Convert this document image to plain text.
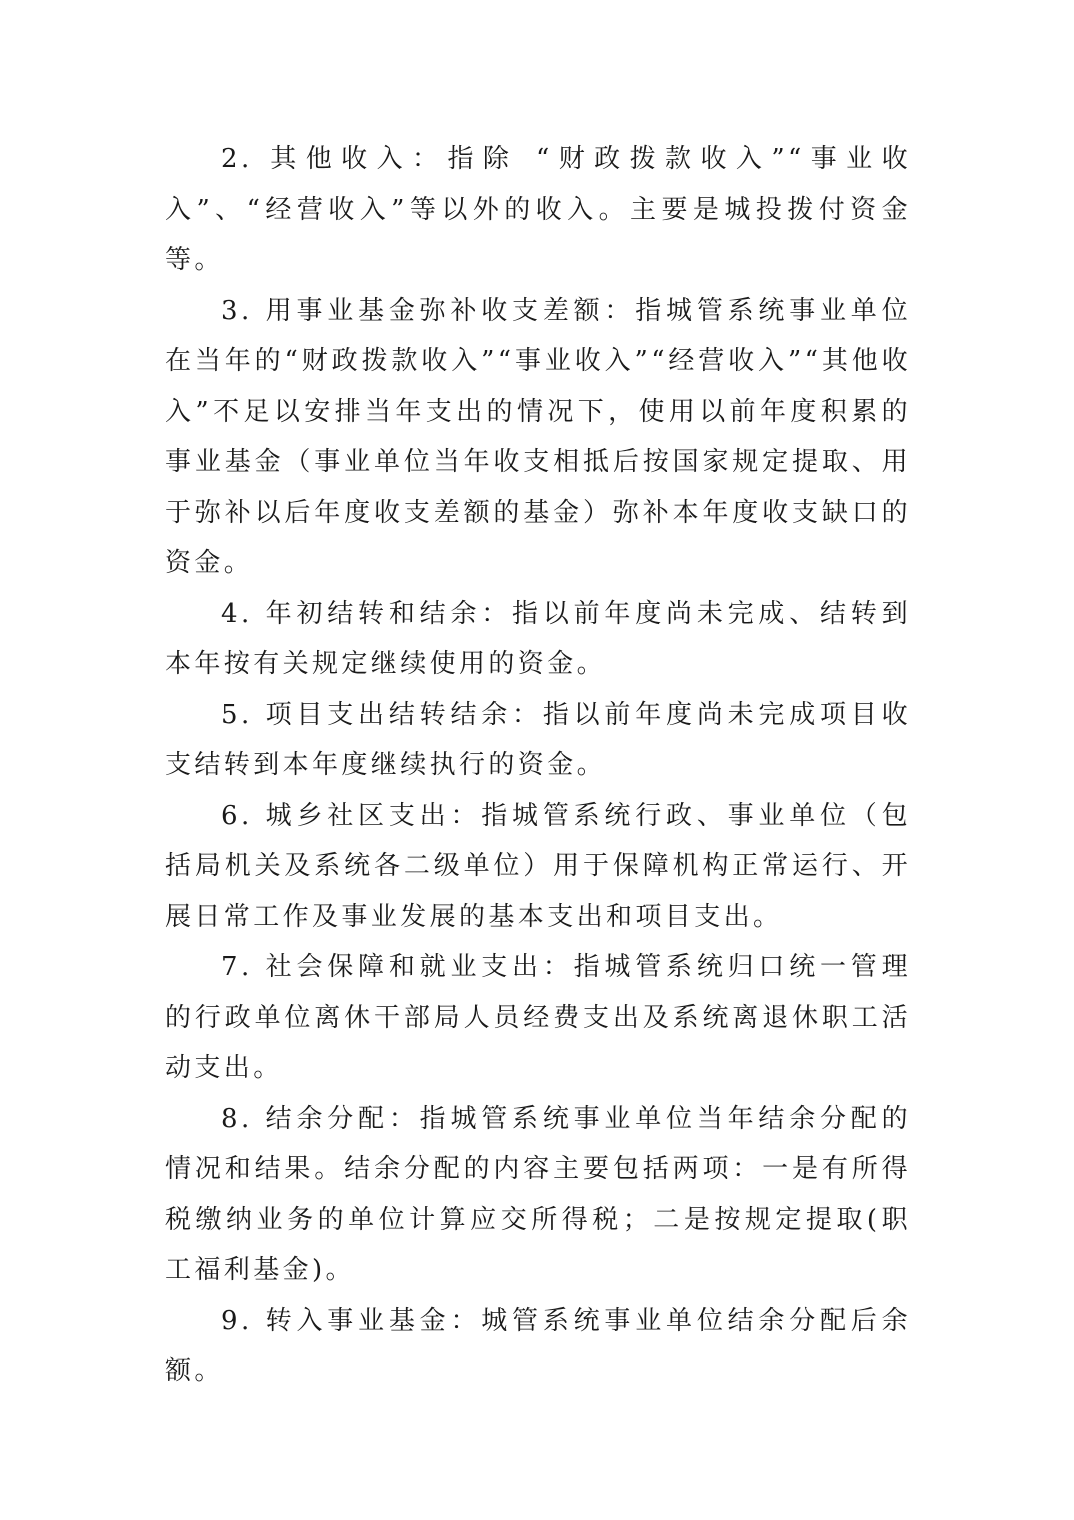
2. 其他收入：指除 “财政拨款收入”“事业收入”、“经营收入”等以外的收入。主要是城投拨付资金等。

3. 用事业基金弥补收支差额：指城管系统事业单位在当年的“财政拨款收入”“事业收入”“经营收入”“其他收入”不足以安排当年支出的情况下，使用以前年度积累的事业基金（事业单位当年收支相抵后按国家规定提取、用于弥补以后年度收支差额的基金）弥补本年度收支缺口的资金。

4. 年初结转和结余：指以前年度尚未完成、结转到本年按有关规定继续使用的资金。

5. 项目支出结转结余：指以前年度尚未完成项目收支结转到本年度继续执行的资金。

6. 城乡社区支出：指城管系统行政、事业单位（包括局机关及系统各二级单位）用于保障机构正常运行、开展日常工作及事业发展的基本支出和项目支出。

7. 社会保障和就业支出：指城管系统归口统一管理的行政单位离休干部局人员经费支出及系统离退休职工活动支出。

8. 结余分配：指城管系统事业单位当年结余分配的情况和结果。结余分配的内容主要包括两项：一是有所得税缴纳业务的单位计算应交所得税；二是按规定提取(职工福利基金)。

9. 转入事业基金：城管系统事业单位结余分配后余额。
